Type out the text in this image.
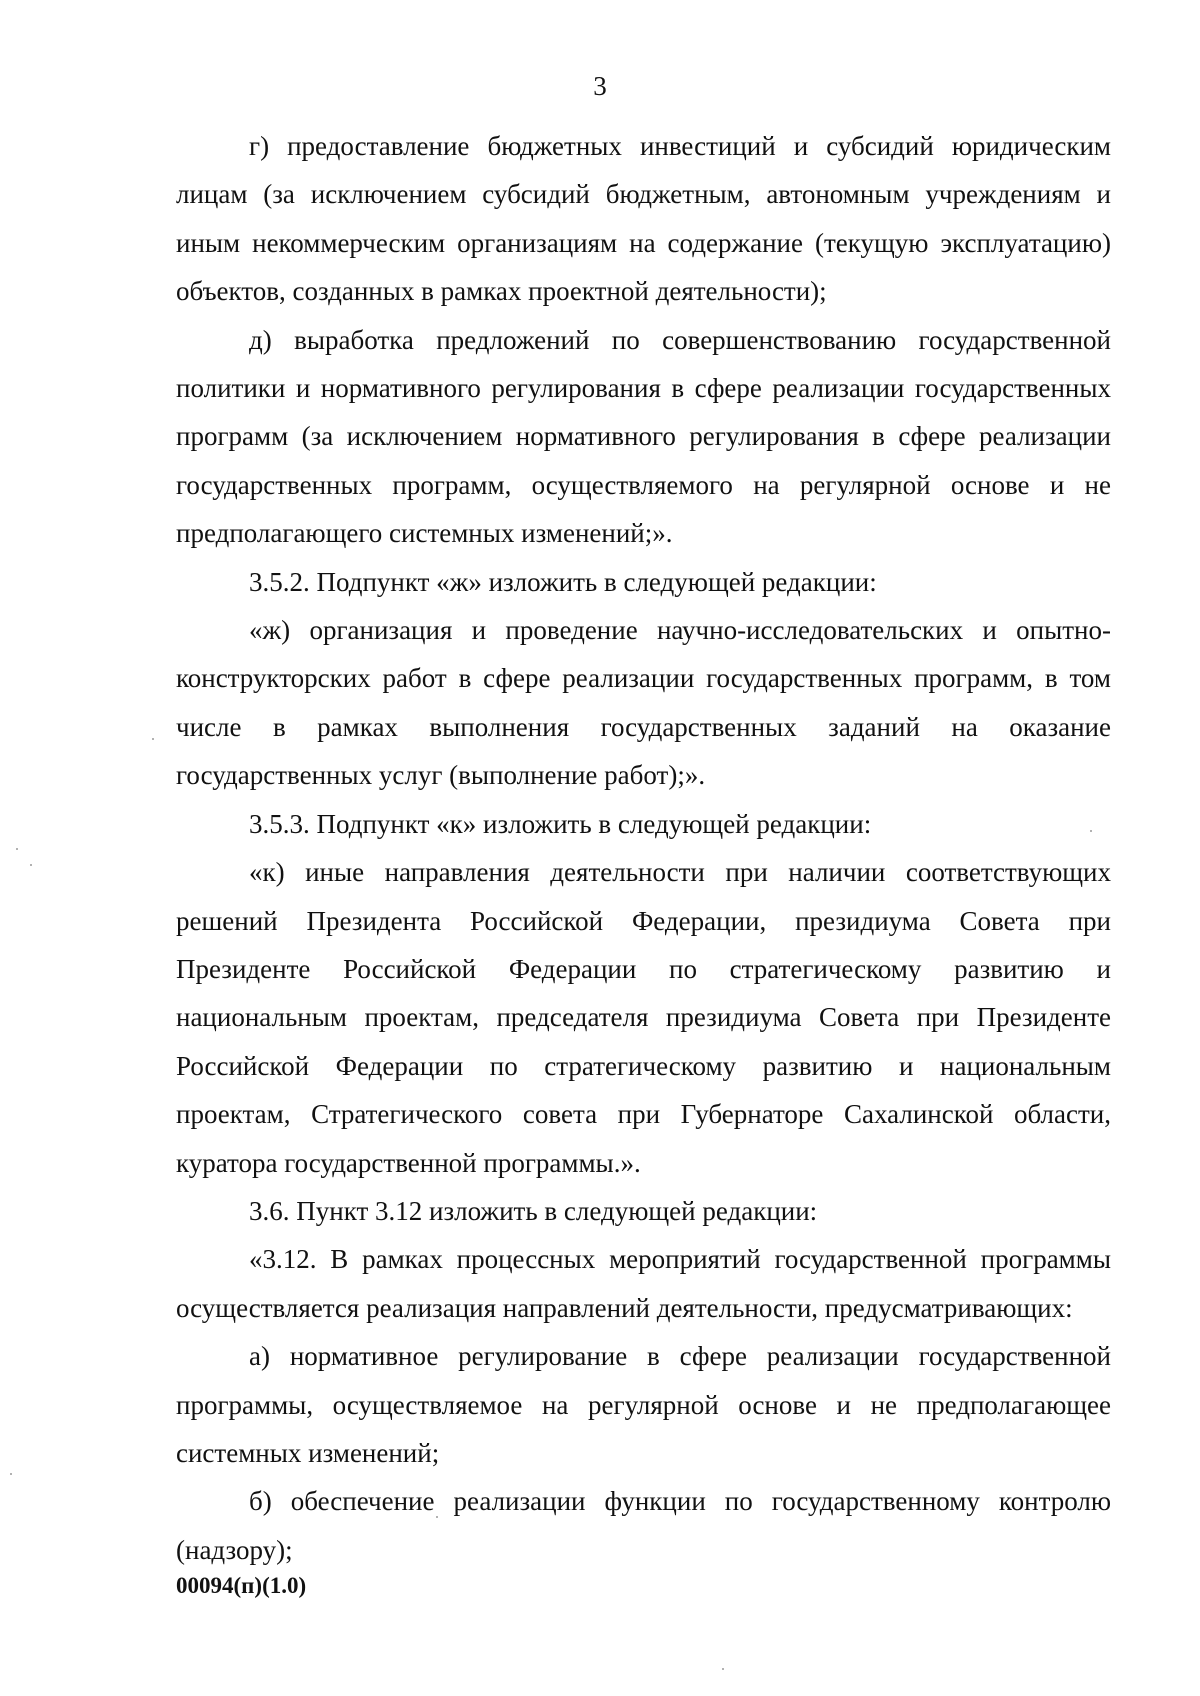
3

г) предоставление бюджетных инвестиций и субсидий юридическим лицам (за исключением субсидий бюджетным, автономным учреждениям и иным некоммерческим организациям на содержание (текущую эксплуатацию) объектов, созданных в рамках проектной деятельности);

д) выработка предложений по совершенствованию государственной политики и нормативного регулирования в сфере реализации государственных программ (за исключением нормативного регулирования в сфере реализации государственных программ, осуществляемого на регулярной основе и не предполагающего системных изменений;».

3.5.2. Подпункт «ж» изложить в следующей редакции:

«ж) организация и проведение научно-исследовательских и опытно-конструкторских работ в сфере реализации государственных программ, в том числе в рамках выполнения государственных заданий на оказание государственных услуг (выполнение работ);».

3.5.3. Подпункт «к» изложить в следующей редакции:

«к) иные направления деятельности при наличии соответствующих решений Президента Российской Федерации, президиума Совета при Президенте Российской Федерации по стратегическому развитию и национальным проектам, председателя президиума Совета при Президенте Российской Федерации по стратегическому развитию и национальным проектам, Стратегического совета при Губернаторе Сахалинской области, куратора государственной программы.».

3.6. Пункт 3.12 изложить в следующей редакции:

«3.12. В рамках процессных мероприятий государственной программы осуществляется реализация направлений деятельности, предусматривающих:

а) нормативное регулирование в сфере реализации государственной программы, осуществляемое на регулярной основе и не предполагающее системных изменений;

б) обеспечение реализации функции по государственному контролю (надзору);

00094(п)(1.0)
